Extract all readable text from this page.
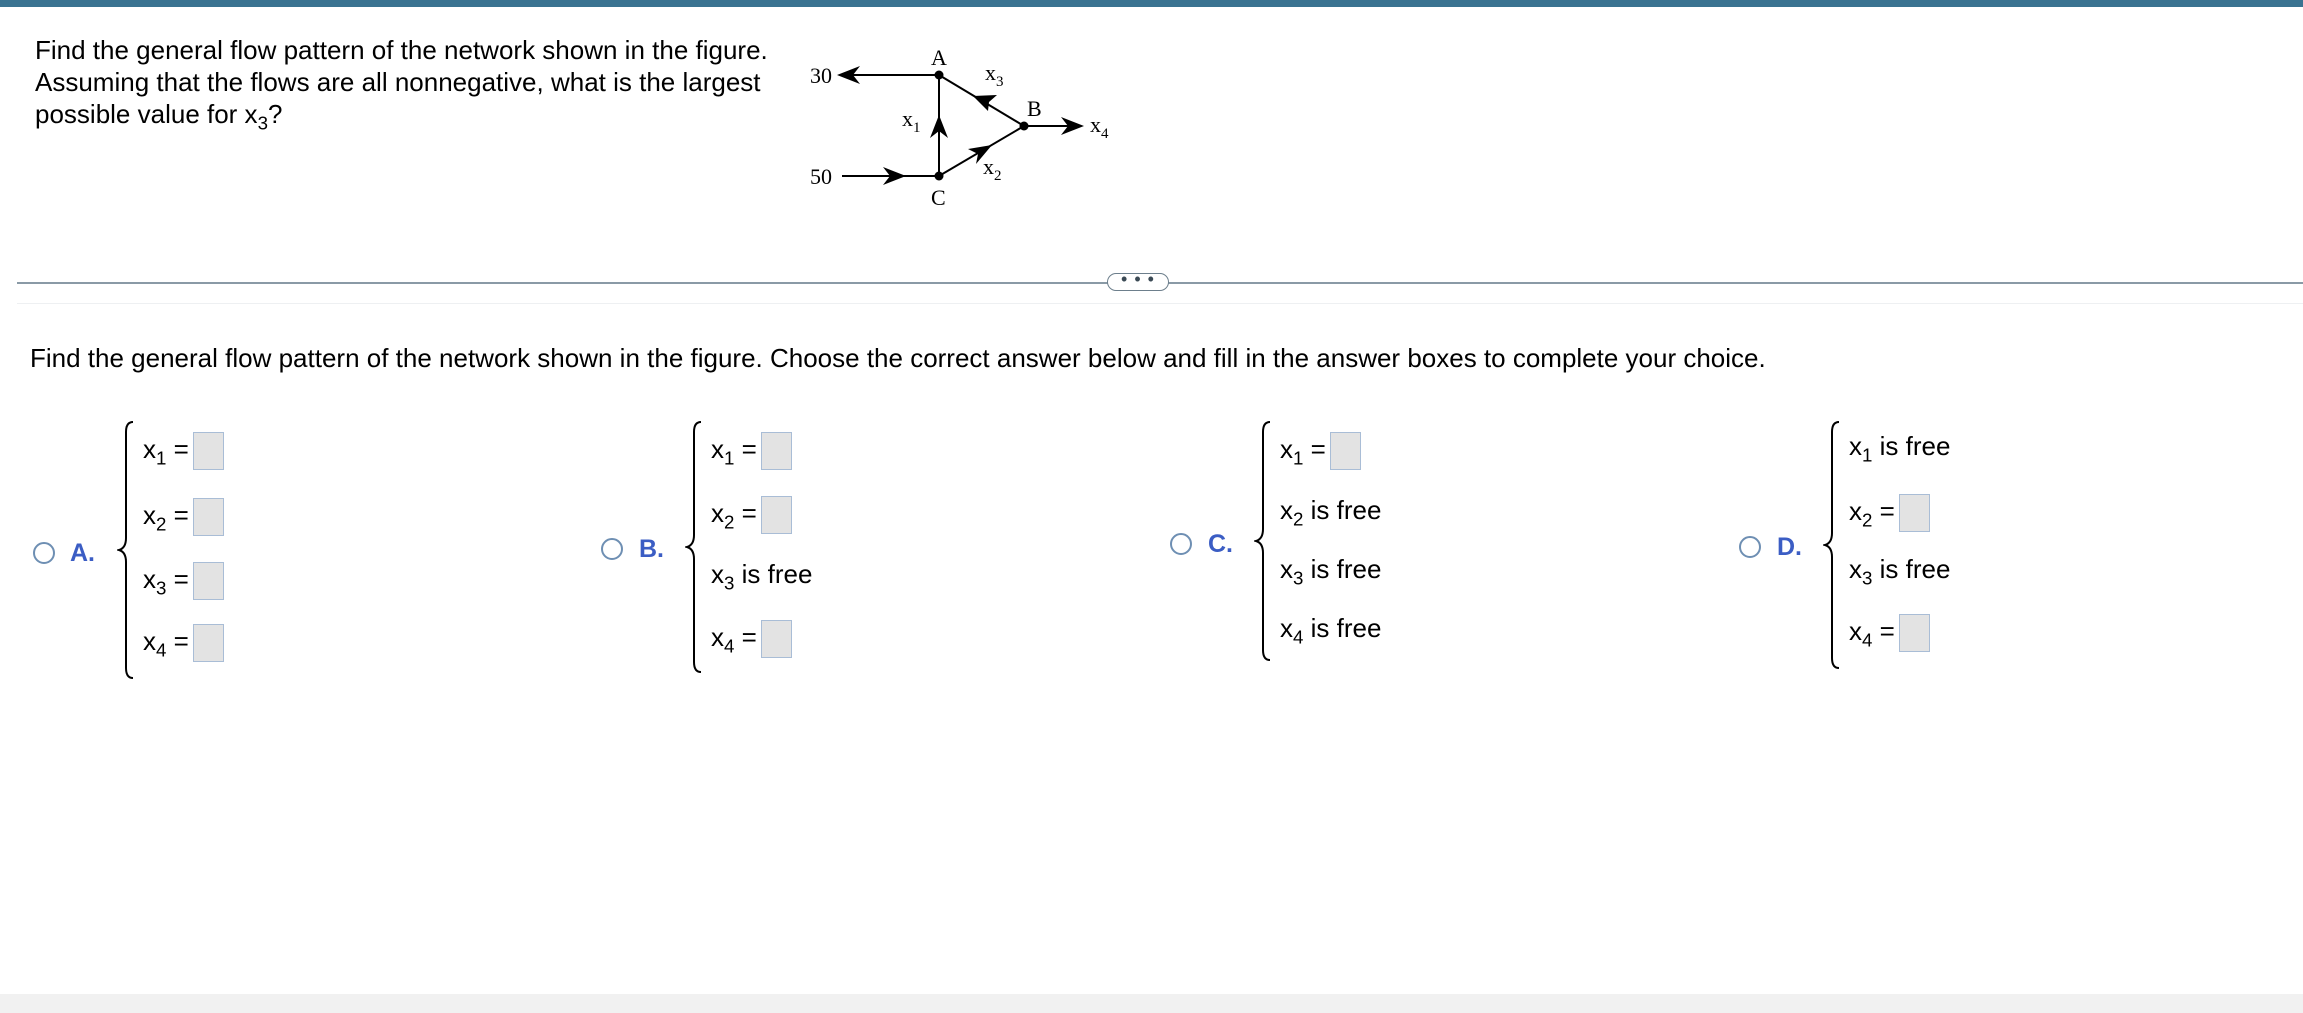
Find the general flow pattern of the network shown in the figure.
Assuming that the flows are all nonnegative, what is the largest
possible value for $x_3$?
30
50
A
B
C
$x_1$
$x_2$
$x_3$
$x_4$
• • •
Find the general flow pattern of the network shown in the figure. Choose the correct answer below and fill in the answer boxes to complete your choice.
A.
$x_1$ =
$x_2$ =
$x_3$ =
$x_4$ =
B.
$x_1$ =
$x_2$ =
$x_3$ is free
$x_4$ =
C.
$x_1$ =
$x_2$ is free
$x_3$ is free
$x_4$ is free
D.
$x_1$ is free
$x_2$ =
$x_3$ is free
$x_4$ =
